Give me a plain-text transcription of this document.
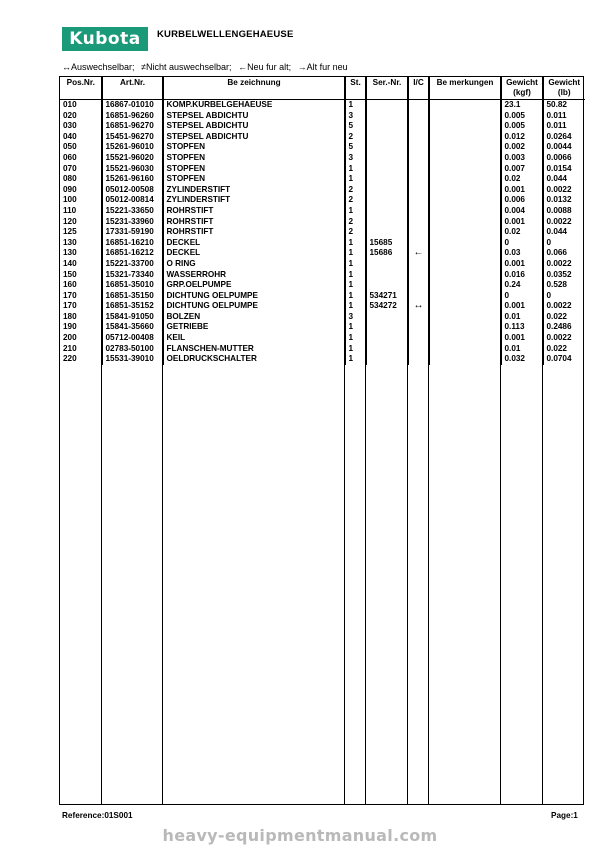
Kubota KURBELWELLENGEHAEUSE
↔Auswechselbar; ≠Nicht auswechselbar; ←Neu fur alt; →Alt fur neu
Pos.Nr.	Art.Nr.	Be zeichnung	St.	Ser.-Nr.	I/C	Be merkungen	Gewicht (kgf)	Gewicht (lb)
010	16867-01010	KOMP.KURBELGEHAEUSE	1				23.1	50.82
020	16851-96260	STEPSEL ABDICHTU	3				0.005	0.011
030	16851-96270	STEPSEL ABDICHTU	5				0.005	0.011
040	15451-96270	STEPSEL ABDICHTU	2				0.012	0.0264
050	15261-96010	STOPFEN	5				0.002	0.0044
060	15521-96020	STOPFEN	3				0.003	0.0066
070	15521-96030	STOPFEN	1				0.007	0.0154
080	15261-96160	STOPFEN	1				0.02	0.044
090	05012-00508	ZYLINDERSTIFT	2				0.001	0.0022
100	05012-00814	ZYLINDERSTIFT	2				0.006	0.0132
110	15221-33650	ROHRSTIFT	1				0.004	0.0088
120	15231-33960	ROHRSTIFT	2				0.001	0.0022
125	17331-59190	ROHRSTIFT	2				0.02	0.044
130	16851-16210	DECKEL	1	15685			0	0
130	16851-16212	DECKEL	1	15686	←		0.03	0.066
140	15221-33700	O RING	1				0.001	0.0022
150	15321-73340	WASSERROHR	1				0.016	0.0352
160	16851-35010	GRP.OELPUMPE	1				0.24	0.528
170	16851-35150	DICHTUNG OELPUMPE	1	534271			0	0
170	16851-35152	DICHTUNG OELPUMPE	1	534272	↔		0.001	0.0022
180	15841-91050	BOLZEN	3				0.01	0.022
190	15841-35660	GETRIEBE	1				0.113	0.2486
200	05712-00408	KEIL	1				0.001	0.0022
210	02783-50100	FLANSCHEN-MUTTER	1				0.01	0.022
220	15531-39010	OELDRUCKSCHALTER	1				0.032	0.0704
Reference:01S001	Page:1
heavy-equipmentmanual.com
